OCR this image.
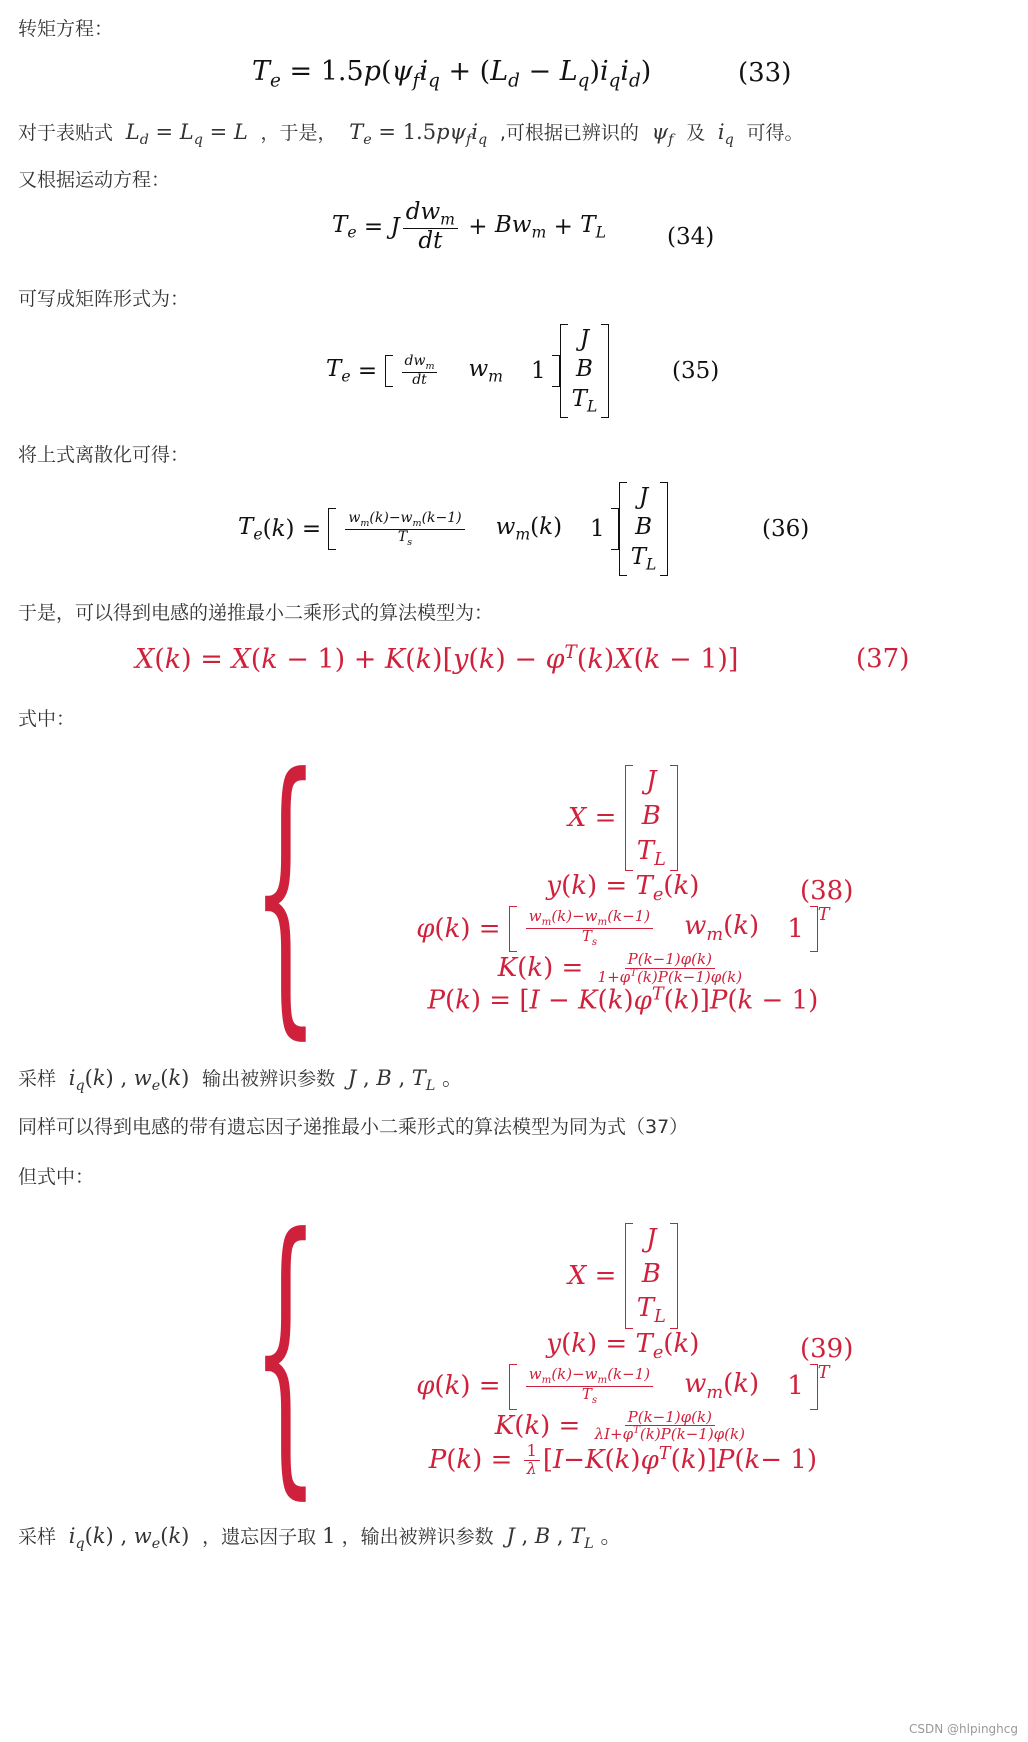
转矩方程：
$T_e = 1.5p(\psi_fi_q + (L_d - L_q)i_qi_d)$	(33)
对于表贴式  $L_d = L_q = L$  ，于是，  $T_e = 1.5p\psi_fi_q$ ,可根据已辨识的  $\psi_f$ 及  $i_q$ 可得。
又根据运动方程：
$T_e$
=
J $\frac{dw_m}{dt} + Bw_m + T_L$	(34)
可写成矩阵形式为：
$T_e$
=
$\frac{dw_m}{dt} w_m$ 1
J
B
$T_L$
(35)
将上式离散化可得：
$T_e$ ( k )
=
$\frac{w_m(k)-w_m(k-1)}{T_s} w_m(k)$ 1
J
B
$T_L$
(36)
于是，可以得到电感的递推最小二乘形式的算法模型为：
$X(k) = X(k - 1) + K(k)[y(k) - \varphi^T(k)X(k - 1)]$	(37)
式中： {	X =
J
B
$T_L$
$y(k) = T_e(k)$
φ ( k ) = $\frac{w_m(k)-w_m(k-1)}{T_s} w_m(k)$ 1 $^T$
K ( k ) = $\frac{P(k-1)\varphi(k)}{1+\varphi^T(k)P(k-1)\varphi(k)}$
$P(k) = [I - K(k)\varphi^T(k)]P(k - 1)$
(38)
采样  $i_q(k)$ , $w_e(k)$ 输出被辨识参数  J , B , $T_L$ 。
同样可以得到电感的带有遗忘因子递推最小二乘形式的算法模型为同为式（37）
但式中： {	X =
J
B
$T_L$
$y(k) = T_e(k)$
φ ( k ) = $\frac{w_m(k)-w_m(k-1)}{T_s} w_m(k)$ 1 $^T$
K ( k ) = $\frac{P(k-1)\varphi(k)}{\lambda I+\varphi^T(k)P(k-1)\varphi(k)}$
P ( k ) = $\frac{1}{\lambda}$ [ I − K ( k ) $\varphi^T$ ( k )] P ( k − 1)
(39)
采样  $i_q(k)$ , $w_e(k)$ ，遗忘因子取 1 ，输出被辨识参数  J , B , $T_L$ 。
CSDN @hlpinghcg
